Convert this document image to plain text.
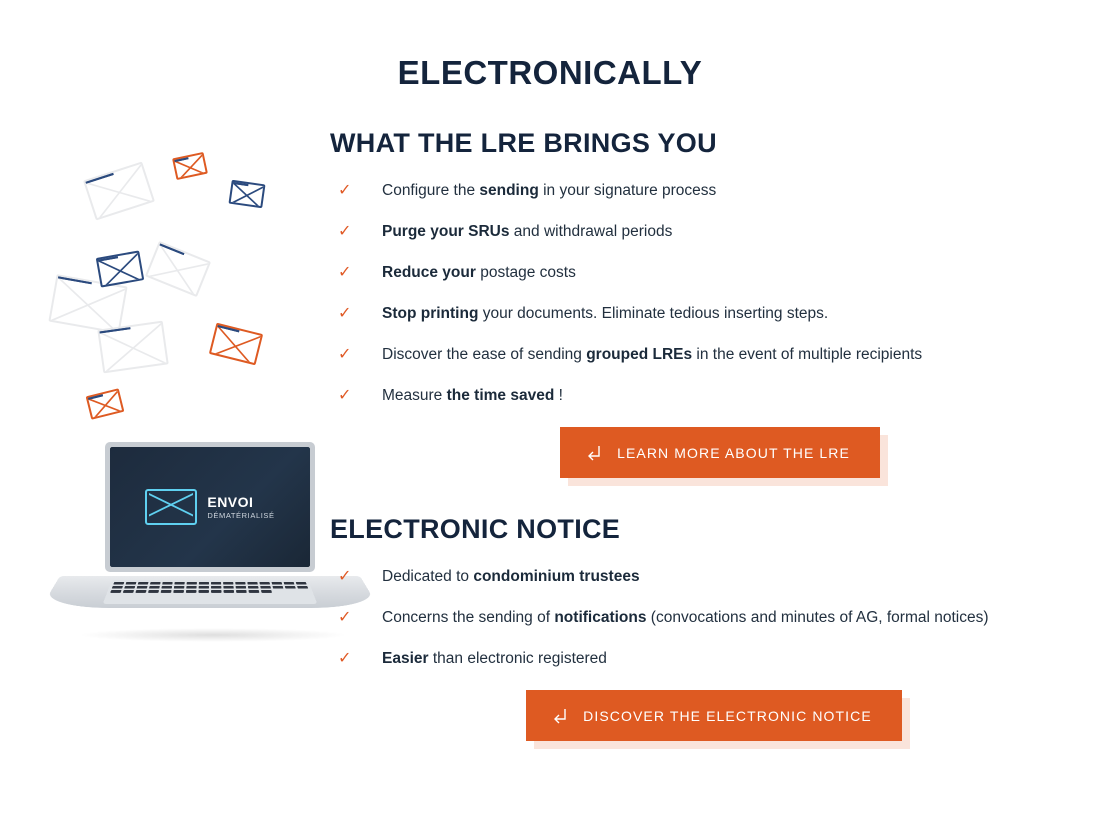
ELECTRONICALLY
ENVOI
DÉMATÉRIALISÉ
WHAT THE LRE BRINGS YOU
✓	Configure the sending in your signature process
✓	Purge your SRUs and withdrawal periods
✓	Reduce your postage costs
✓	Stop printing your documents. Eliminate tedious inserting steps.
✓	Discover the ease of sending grouped LREs in the event of multiple recipients
✓	Measure the time saved !
LEARN MORE ABOUT THE LRE
ELECTRONIC NOTICE
✓	Dedicated to condominium trustees
✓	Concerns the sending of notifications (convocations and minutes of AG, formal notices)
✓	Easier than electronic registered
DISCOVER THE ELECTRONIC NOTICE
